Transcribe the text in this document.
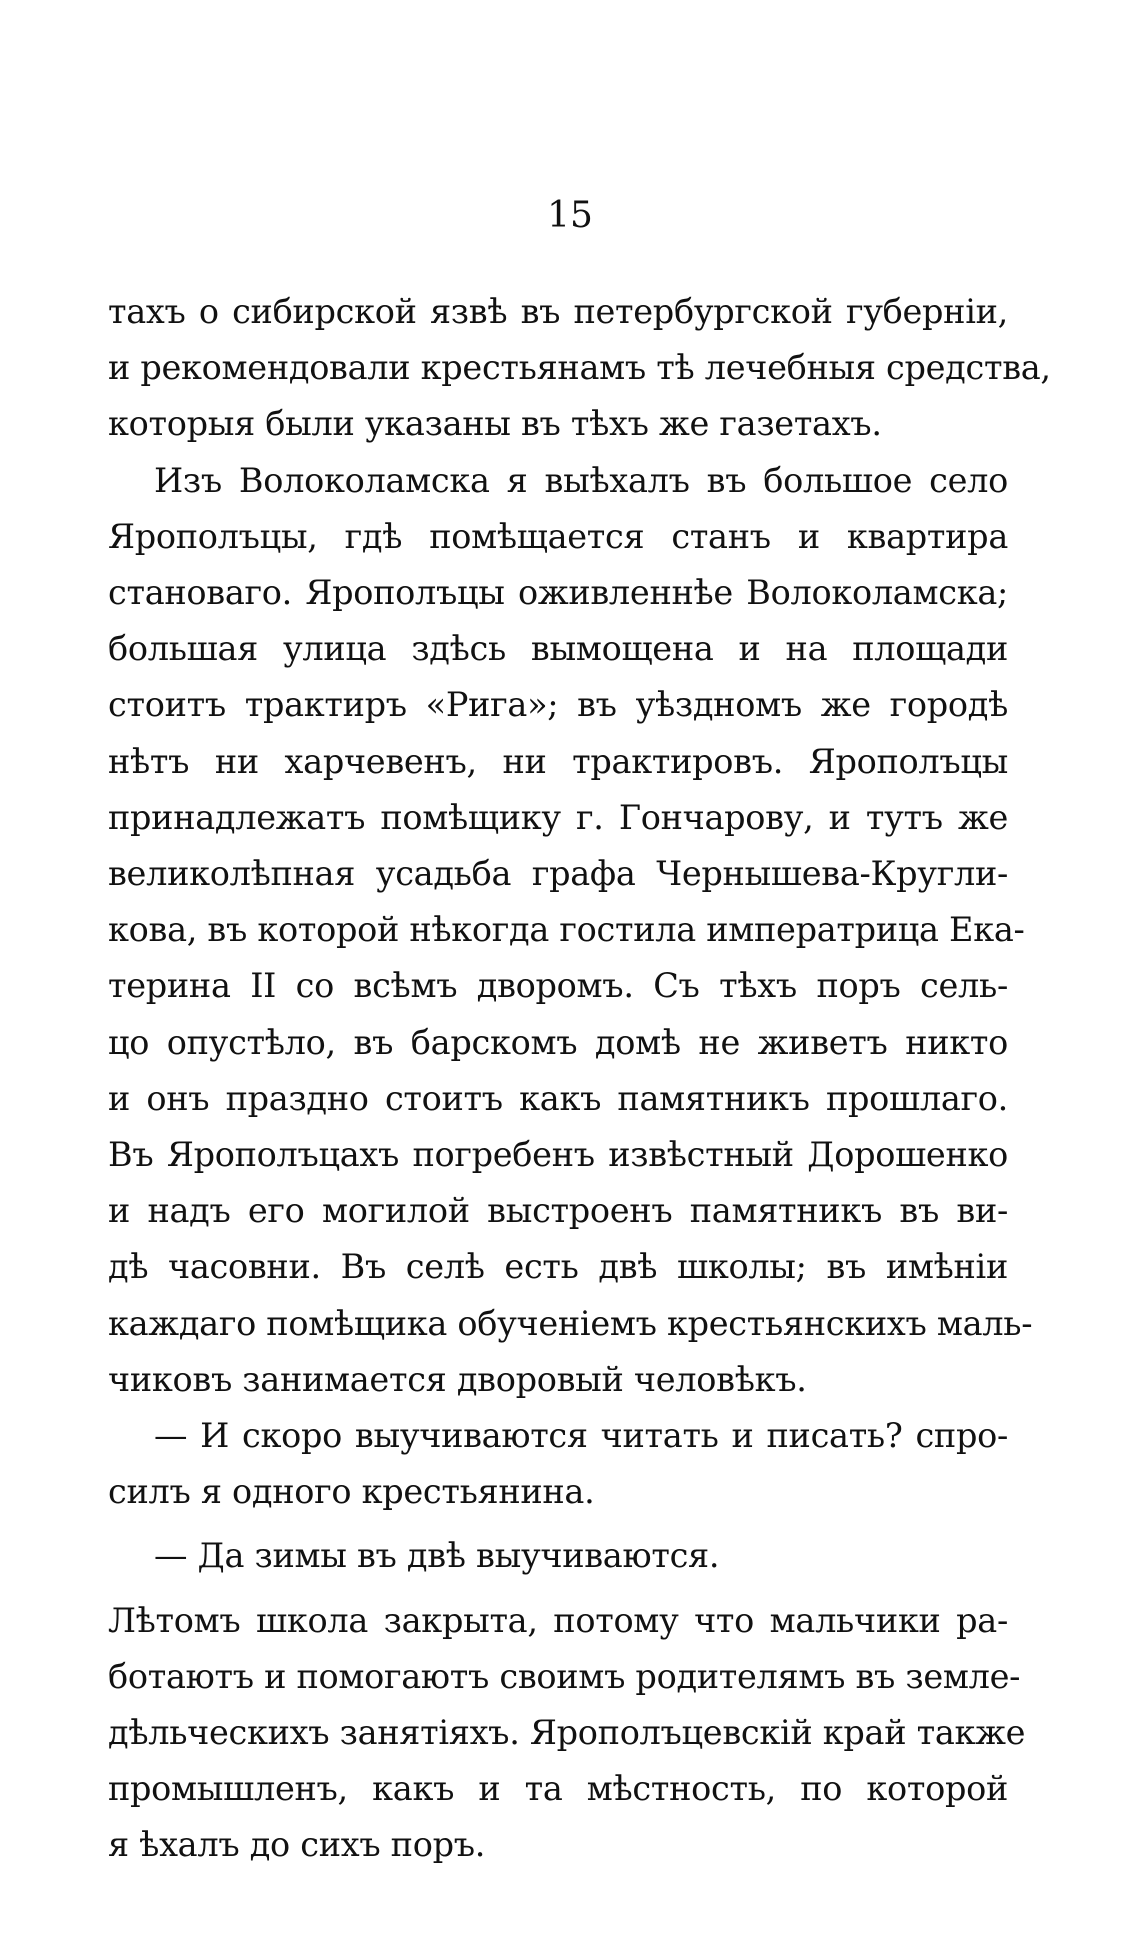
15
тахъ о сибирской язвѣ въ петербургской губерніи,
и рекомендовали крестьянамъ тѣ лечебныя средства,
которыя были указаны въ тѣхъ же газетахъ.
Изъ Волоколамска я выѣхалъ въ большое село
Ярополъцы, гдѣ помѣщается станъ и квартира
становаго. Ярополъцы оживленнѣе Волоколамска;
большая улица здѣсь вымощена и на площади
стоитъ трактиръ «Рига»; въ уѣздномъ же городѣ
нѣтъ ни харчевенъ, ни трактировъ. Ярополъцы
принадлежатъ помѣщику г. Гончарову, и тутъ же
великолѣпная усадьба графа Чернышева-Кругли-
кова, въ которой нѣкогда гостила императрица Ека-
терина II со всѣмъ дворомъ. Съ тѣхъ поръ сель-
цо опустѣло, въ барскомъ домѣ не живетъ никто
и онъ праздно стоитъ какъ памятникъ прошлаго.
Въ Ярополъцахъ погребенъ извѣстный Дорошенко
и надъ его могилой выстроенъ памятникъ въ ви-
дѣ часовни. Въ селѣ есть двѣ школы; въ имѣніи
каждаго помѣщика обученіемъ крестьянскихъ маль-
чиковъ занимается дворовый человѣкъ.
— И скоро выучиваются читать и писать? спро-
силъ я одного крестьянина.
— Да зимы въ двѣ выучиваются.
Лѣтомъ школа закрыта, потому что мальчики ра-
ботаютъ и помогаютъ своимъ родителямъ въ земле-
дѣльческихъ занятіяхъ. Ярополъцевскій край также
промышленъ, какъ и та мѣстность, по которой
я ѣхалъ до сихъ поръ.
